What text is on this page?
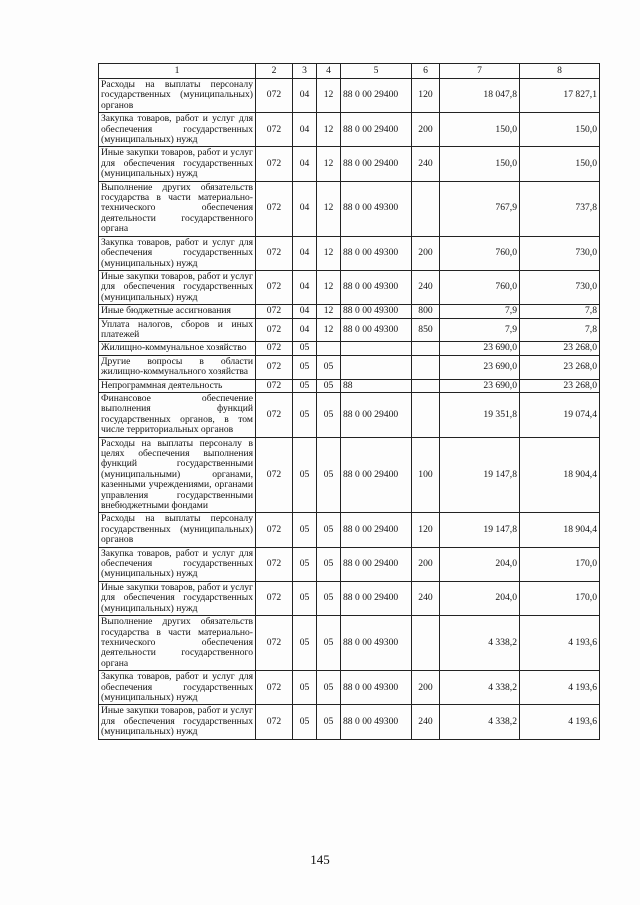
1	2	3	4	5	6	7	8
Расходы на выплаты персоналу государственных (муниципальных) органов	072	04	12	88 0 00 29400	120	18 047,8	17 827,1
Закупка товаров, работ и услуг для обеспечения государственных (муниципальных) нужд	072	04	12	88 0 00 29400	200	150,0	150,0
Иные закупки товаров, работ и услуг для обеспечения государственных (муниципальных) нужд	072	04	12	88 0 00 29400	240	150,0	150,0
Выполнение других обязательств государства в части материально-технического обеспечения деятельности государственного органа	072	04	12	88 0 00 49300		767,9	737,8
Закупка товаров, работ и услуг для обеспечения государственных (муниципальных) нужд	072	04	12	88 0 00 49300	200	760,0	730,0
Иные закупки товаров, работ и услуг для обеспечения государственных (муниципальных) нужд	072	04	12	88 0 00 49300	240	760,0	730,0
Иные бюджетные ассигнования	072	04	12	88 0 00 49300	800	7,9	7,8
Уплата налогов, сборов и иных платежей	072	04	12	88 0 00 49300	850	7,9	7,8
Жилищно-коммунальное хозяйство	072	05				23 690,0	23 268,0
Другие вопросы в области жилищно-коммунального хозяйства	072	05	05			23 690,0	23 268,0
Непрограммная деятельность	072	05	05	88		23 690,0	23 268,0
Финансовое обеспечение выполнения функций государственных органов, в том числе территориальных органов	072	05	05	88 0 00 29400		19 351,8	19 074,4
Расходы на выплаты персоналу в целях обеспечения выполнения функций государственными (муниципальными) органами, казенными учреждениями, органами управления государственными внебюджетными фондами	072	05	05	88 0 00 29400	100	19 147,8	18 904,4
Расходы на выплаты персоналу государственных (муниципальных) органов	072	05	05	88 0 00 29400	120	19 147,8	18 904,4
Закупка товаров, работ и услуг для обеспечения государственных (муниципальных) нужд	072	05	05	88 0 00 29400	200	204,0	170,0
Иные закупки товаров, работ и услуг для обеспечения государственных (муниципальных) нужд	072	05	05	88 0 00 29400	240	204,0	170,0
Выполнение других обязательств государства в части материально-технического обеспечения деятельности государственного органа	072	05	05	88 0 00 49300		4 338,2	4 193,6
Закупка товаров, работ и услуг для обеспечения государственных (муниципальных) нужд	072	05	05	88 0 00 49300	200	4 338,2	4 193,6
Иные закупки товаров, работ и услуг для обеспечения государственных (муниципальных) нужд	072	05	05	88 0 00 49300	240	4 338,2	4 193,6
145
